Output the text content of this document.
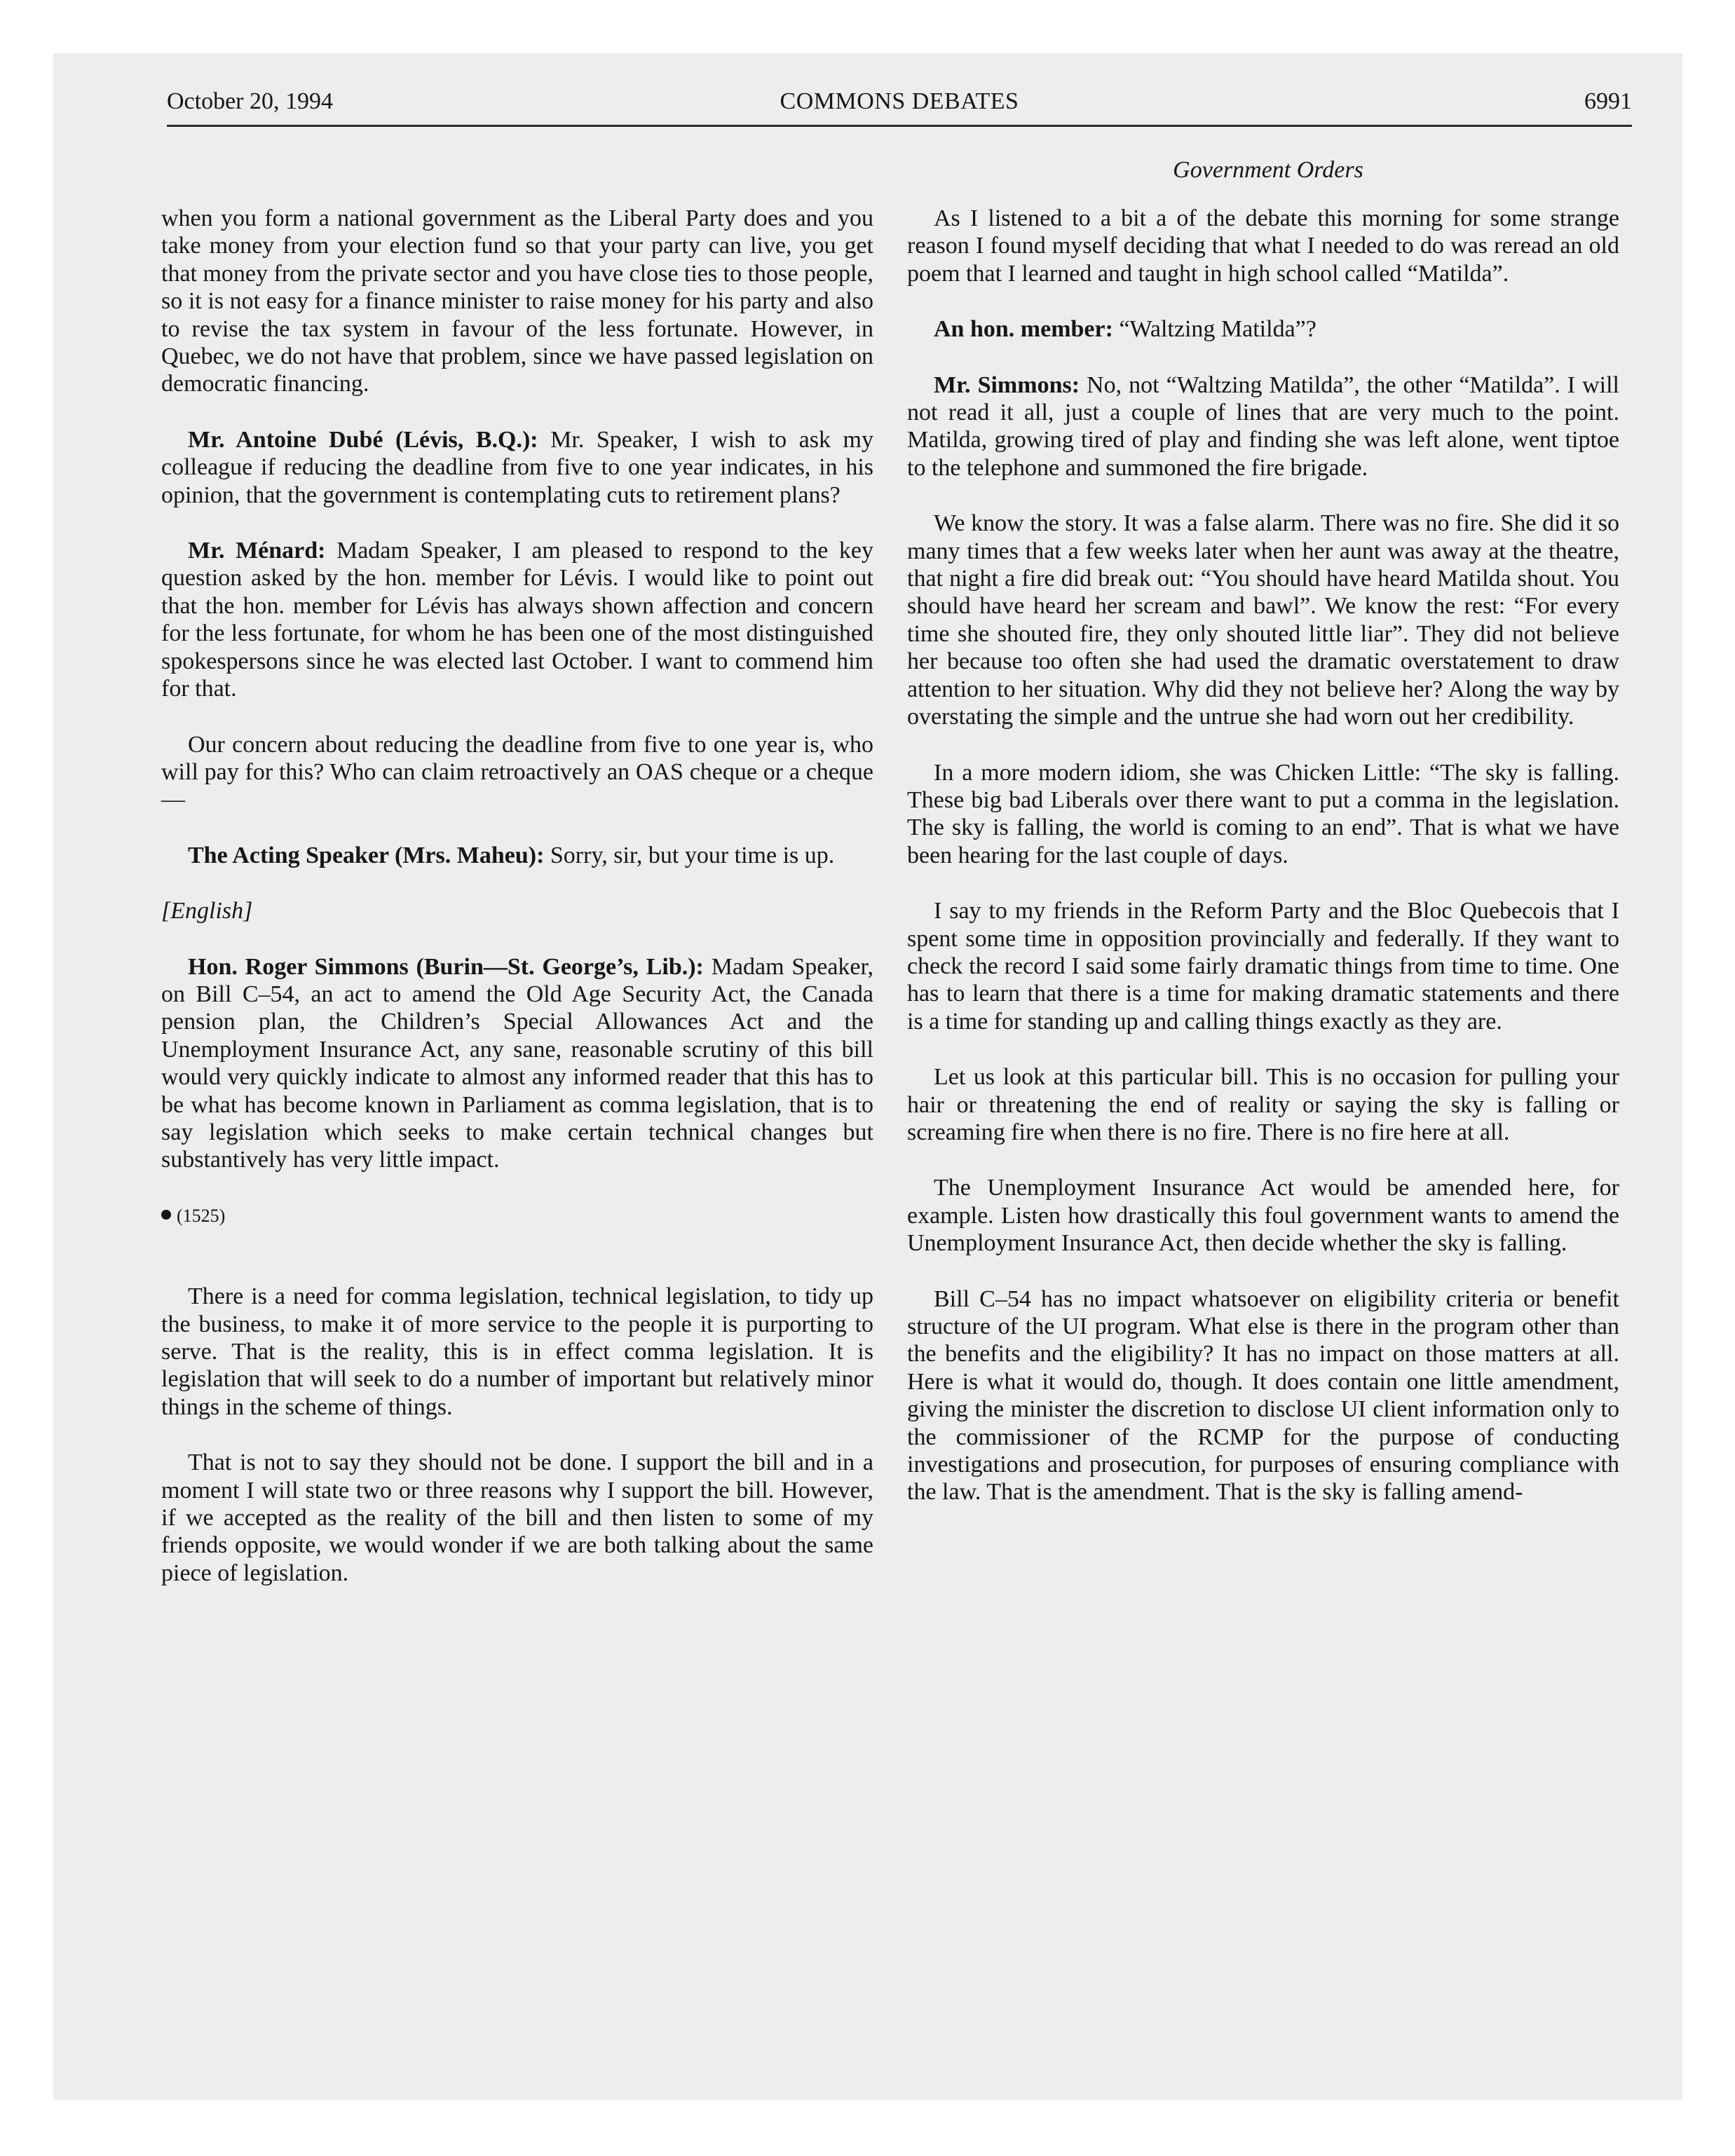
October 20, 1994	COMMONS DEBATES	6991
Government Orders

when you form a national government as the Liberal Party does and you take money from your election fund so that your party can live, you get that money from the private sector and you have close ties to those people, so it is not easy for a finance minister to raise money for his party and also to revise the tax system in favour of the less fortunate. However, in Quebec, we do not have that problem, since we have passed legislation on democratic financing.

Mr. Antoine Dubé (Lévis, B.Q.): Mr. Speaker, I wish to ask my colleague if reducing the deadline from five to one year indicates, in his opinion, that the government is contemplating cuts to retirement plans?

Mr. Ménard: Madam Speaker, I am pleased to respond to the key question asked by the hon. member for Lévis. I would like to point out that the hon. member for Lévis has always shown affection and concern for the less fortunate, for whom he has been one of the most distinguished spokespersons since he was elected last October. I want to commend him for that.

Our concern about reducing the deadline from five to one year is, who will pay for this? Who can claim retroactively an OAS cheque or a cheque—

The Acting Speaker (Mrs. Maheu): Sorry, sir, but your time is up.

[English]

Hon. Roger Simmons (Burin—St. George’s, Lib.): Madam Speaker, on Bill C–54, an act to amend the Old Age Security Act, the Canada pension plan, the Children’s Special Allowances Act and the Unemployment Insurance Act, any sane, reasonable scrutiny of this bill would very quickly indicate to almost any informed reader that this has to be what has become known in Parliament as comma legislation, that is to say legislation which seeks to make certain technical changes but substantively has very little impact.

(1525)

There is a need for comma legislation, technical legislation, to tidy up the business, to make it of more service to the people it is purporting to serve. That is the reality, this is in effect comma legislation. It is legislation that will seek to do a number of important but relatively minor things in the scheme of things.

That is not to say they should not be done. I support the bill and in a moment I will state two or three reasons why I support the bill. However, if we accepted as the reality of the bill and then listen to some of my friends opposite, we would wonder if we are both talking about the same piece of legislation.

As I listened to a bit a of the debate this morning for some strange reason I found myself deciding that what I needed to do was reread an old poem that I learned and taught in high school called “Matilda”.

An hon. member: “Waltzing Matilda”?

Mr. Simmons: No, not “Waltzing Matilda”, the other “Matilda”. I will not read it all, just a couple of lines that are very much to the point. Matilda, growing tired of play and finding she was left alone, went tiptoe to the telephone and summoned the fire brigade.

We know the story. It was a false alarm. There was no fire. She did it so many times that a few weeks later when her aunt was away at the theatre, that night a fire did break out: “You should have heard Matilda shout. You should have heard her scream and bawl”. We know the rest: “For every time she shouted fire, they only shouted little liar”. They did not believe her because too often she had used the dramatic overstatement to draw attention to her situation. Why did they not believe her? Along the way by overstating the simple and the untrue she had worn out her credibility.

In a more modern idiom, she was Chicken Little: “The sky is falling. These big bad Liberals over there want to put a comma in the legislation. The sky is falling, the world is coming to an end”. That is what we have been hearing for the last couple of days.

I say to my friends in the Reform Party and the Bloc Quebecois that I spent some time in opposition provincially and federally. If they want to check the record I said some fairly dramatic things from time to time. One has to learn that there is a time for making dramatic statements and there is a time for standing up and calling things exactly as they are.

Let us look at this particular bill. This is no occasion for pulling your hair or threatening the end of reality or saying the sky is falling or screaming fire when there is no fire. There is no fire here at all.

The Unemployment Insurance Act would be amended here, for example. Listen how drastically this foul government wants to amend the Unemployment Insurance Act, then decide whether the sky is falling.

Bill C–54 has no impact whatsoever on eligibility criteria or benefit structure of the UI program. What else is there in the program other than the benefits and the eligibility? It has no impact on those matters at all. Here is what it would do, though. It does contain one little amendment, giving the minister the discretion to disclose UI client information only to the commissioner of the RCMP for the purpose of conducting investigations and prosecution, for purposes of ensuring compliance with the law. That is the amendment. That is the sky is falling amend-
